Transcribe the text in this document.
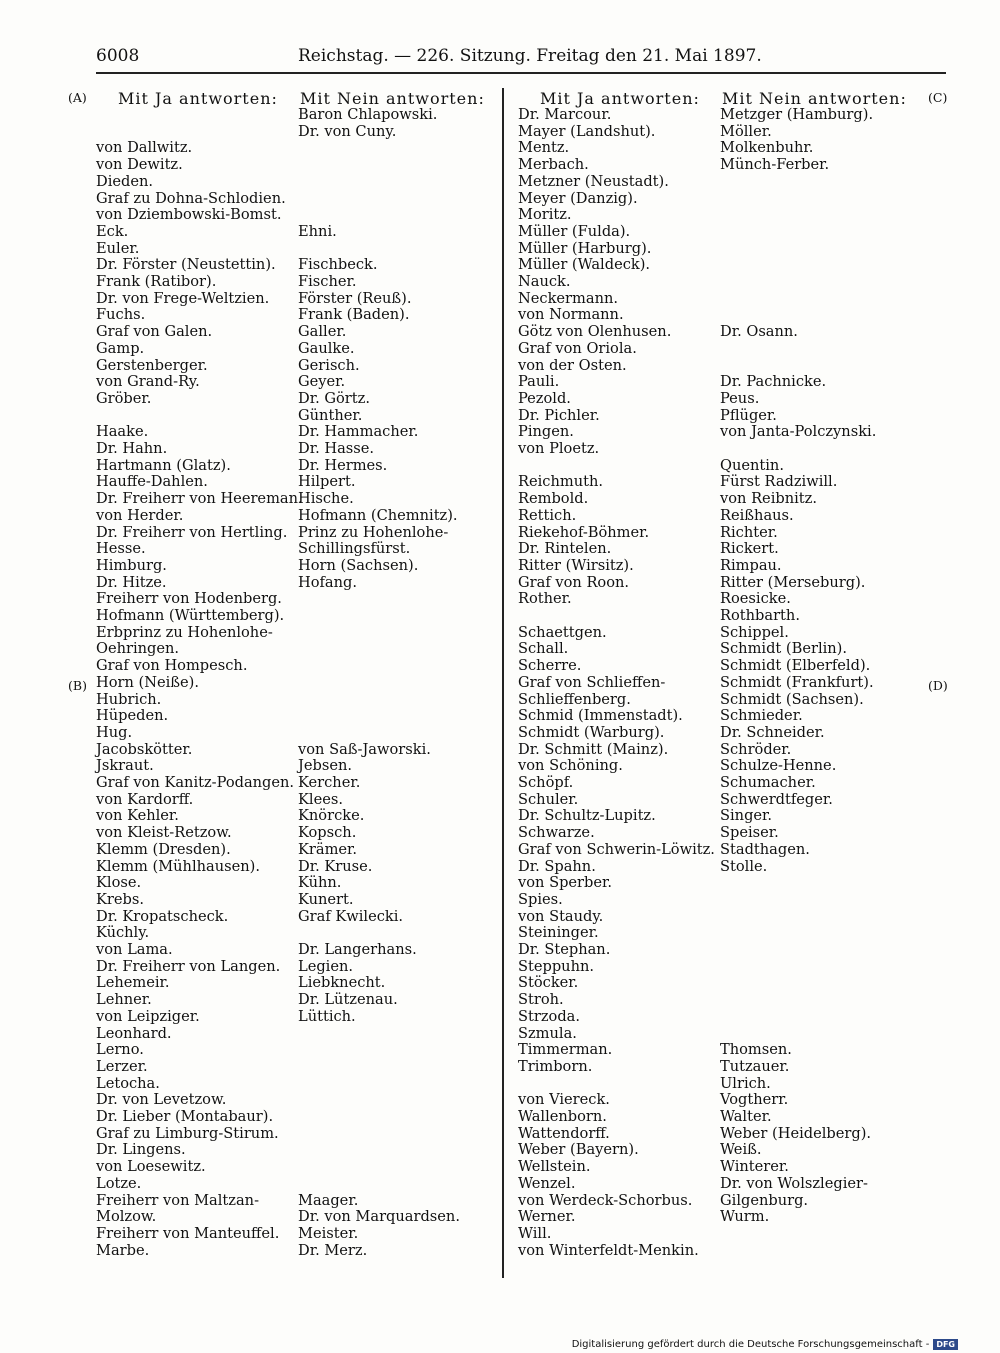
6008	Reichstag. — 226. Sitzung. Freitag den 21. Mai 1897.
(A)
(B)
(C)
(D)
Mit Ja antworten: Mit Nein antworten:	Mit Ja antworten: Mit Nein antworten:
von Dallwitz.
von Dewitz.
Dieden.
Graf zu Dohna-Schlodien.
von Dziembowski-Bomst.
Eck.
Euler.
Dr. Förster (Neustettin).
Frank (Ratibor).
Dr. von Frege-Weltzien.
Fuchs.
Graf von Galen.
Gamp.
Gerstenberger.
von Grand-Ry.
Gröber.
Haake.
Dr. Hahn.
Hartmann (Glatz).
Hauffe-Dahlen.
Dr. Freiherr von Heereman.
von Herder.
Dr. Freiherr von Hertling.
Hesse.
Himburg.
Dr. Hitze.
Freiherr von Hodenberg.
Hofmann (Württemberg).
Erbprinz zu Hohenlohe-
Oehringen.
Graf von Hompesch.
Horn (Neiße).
Hubrich.
Hüpeden.
Hug.
Jacobskötter.
Jskraut.
Graf von Kanitz-Podangen.
von Kardorff.
von Kehler.
von Kleist-Retzow.
Klemm (Dresden).
Klemm (Mühlhausen).
Klose.
Krebs.
Dr. Kropatscheck.
Küchly.
von Lama.
Dr. Freiherr von Langen.
Lehemeir.
Lehner.
von Leipziger.
Leonhard.
Lerno.
Lerzer.
Letocha.
Dr. von Levetzow.
Dr. Lieber (Montabaur).
Graf zu Limburg-Stirum.
Dr. Lingens.
von Loesewitz.
Lotze.
Freiherr von Maltzan-
Molzow.
Freiherr von Manteuffel.
Marbe.
Baron Chlapowski.
Dr. von Cuny.
Ehni.
Fischbeck.
Fischer.
Förster (Reuß).
Frank (Baden).
Galler.
Gaulke.
Gerisch.
Geyer.
Dr. Görtz.
Günther.
Dr. Hammacher.
Dr. Hasse.
Dr. Hermes.
Hilpert.
Hische.
Hofmann (Chemnitz).
Prinz zu Hohenlohe-
Schillingsfürst.
Horn (Sachsen).
Hofang.
von Saß-Jaworski.
Jebsen.
Kercher.
Klees.
Knörcke.
Kopsch.
Krämer.
Dr. Kruse.
Kühn.
Kunert.
Graf Kwilecki.
Dr. Langerhans.
Legien.
Liebknecht.
Dr. Lützenau.
Lüttich.
Maager.
Dr. von Marquardsen.
Meister.
Dr. Merz.
Dr. Marcour.
Mayer (Landshut).
Mentz.
Merbach.
Metzner (Neustadt).
Meyer (Danzig).
Moritz.
Müller (Fulda).
Müller (Harburg).
Müller (Waldeck).
Nauck.
Neckermann.
von Normann.
Götz von Olenhusen.
Graf von Oriola.
von der Osten.
Pauli.
Pezold.
Dr. Pichler.
Pingen.
von Ploetz.
Reichmuth.
Rembold.
Rettich.
Riekehof-Böhmer.
Dr. Rintelen.
Ritter (Wirsitz).
Graf von Roon.
Rother.
Schaettgen.
Schall.
Scherre.
Graf von Schlieffen-
Schlieffenberg.
Schmid (Immenstadt).
Schmidt (Warburg).
Dr. Schmitt (Mainz).
von Schöning.
Schöpf.
Schuler.
Dr. Schultz-Lupitz.
Schwarze.
Graf von Schwerin-Löwitz.
Dr. Spahn.
von Sperber.
Spies.
von Staudy.
Steininger.
Dr. Stephan.
Steppuhn.
Stöcker.
Stroh.
Strzoda.
Szmula.
Timmerman.
Trimborn.
von Viereck.
Wallenborn.
Wattendorff.
Weber (Bayern).
Wellstein.
Wenzel.
von Werdeck-Schorbus.
Werner.
Will.
von Winterfeldt-Menkin.
Metzger (Hamburg).
Möller.
Molkenbuhr.
Münch-Ferber.
Dr. Osann.
Dr. Pachnicke.
Peus.
Pflüger.
von Janta-Polczynski.
Quentin.
Fürst Radziwill.
von Reibnitz.
Reißhaus.
Richter.
Rickert.
Rimpau.
Ritter (Merseburg).
Roesicke.
Rothbarth.
Schippel.
Schmidt (Berlin).
Schmidt (Elberfeld).
Schmidt (Frankfurt).
Schmidt (Sachsen).
Schmieder.
Dr. Schneider.
Schröder.
Schulze-Henne.
Schumacher.
Schwerdtfeger.
Singer.
Speiser.
Stadthagen.
Stolle.
Thomsen.
Tutzauer.
Ulrich.
Vogtherr.
Walter.
Weber (Heidelberg).
Weiß.
Winterer.
Dr. von Wolszlegier-
Gilgenburg.
Wurm.
Digitalisierung gefördert durch die Deutsche Forschungsgemeinschaft - DFG
